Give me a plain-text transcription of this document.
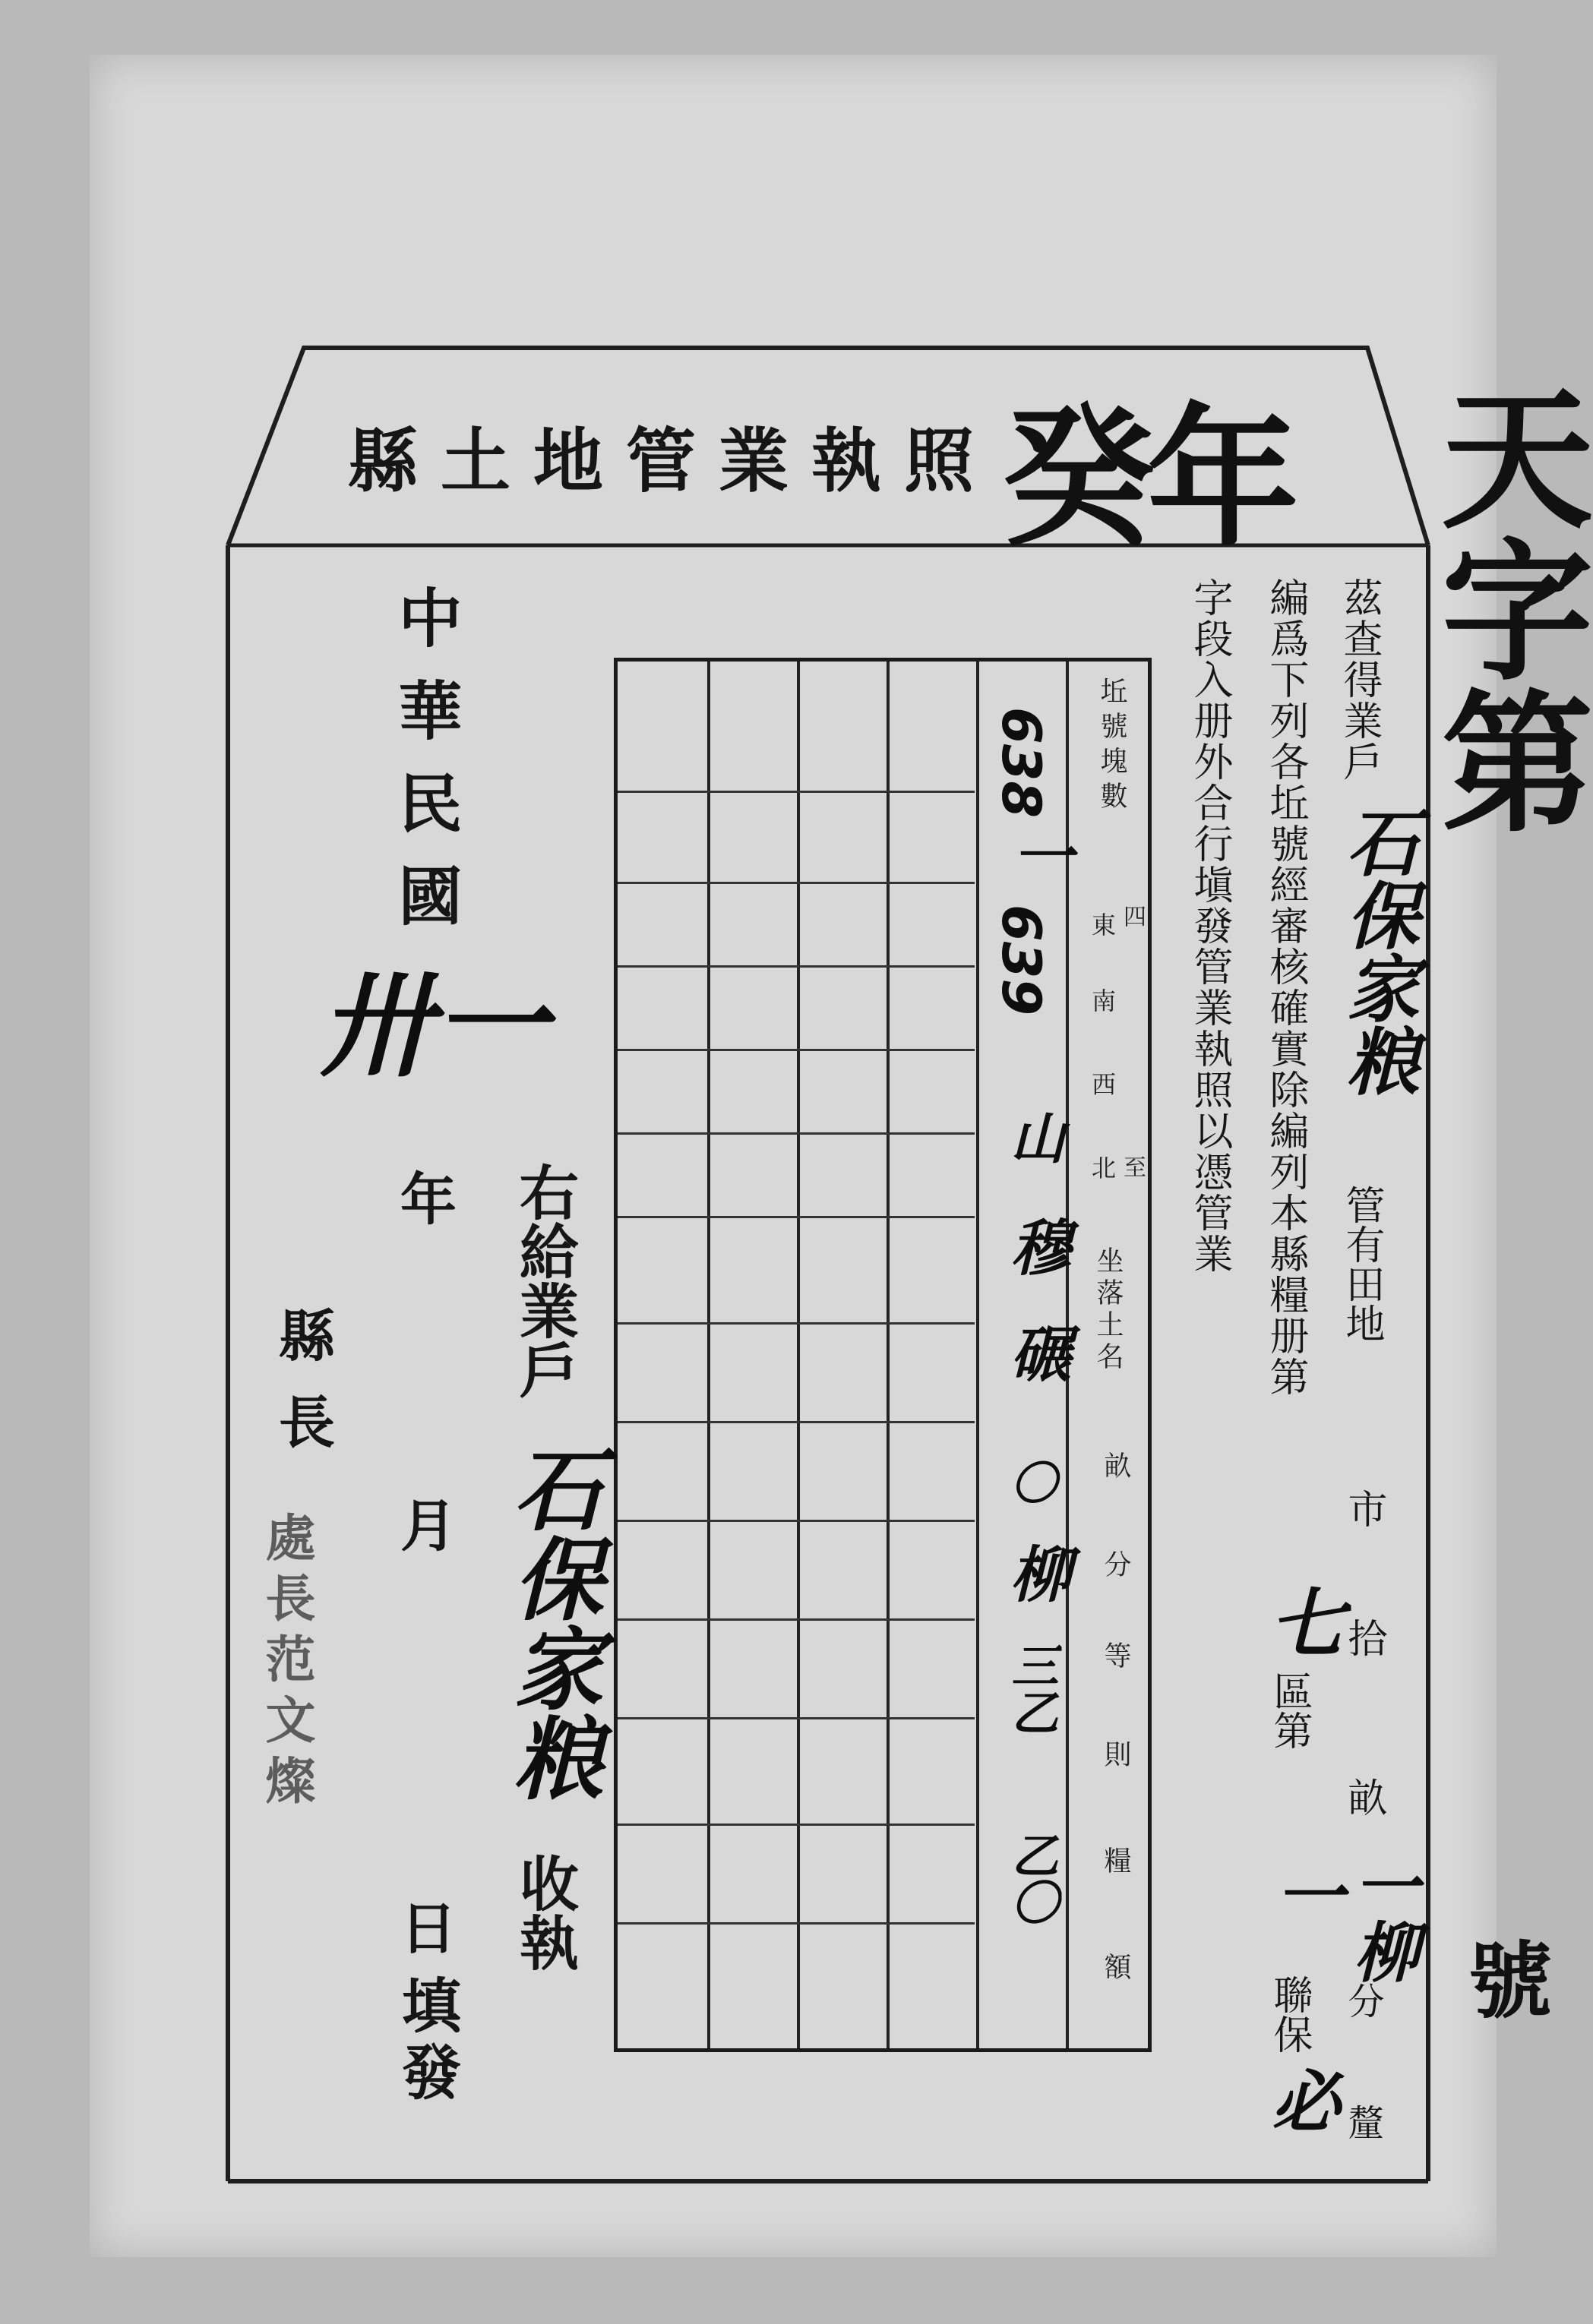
縣土地管業執照 癸年 天字第
號
茲查得業戶
石保家粮
管有田地
市
拾
畝
一柳
分
釐
編爲下列各坵號經審核確實除編列本縣糧册第
七
區第
一
聯保
必
字段入册外合行塡發管業執照以憑管業
坵號塊數
四至
東
南
西
北
坐落土名
畝
分
等
則
糧
額
638
一
639
山
穆
碾
〇
柳
三乙
乙〇
右給業戶
石保家粮
收執
中華民國
卅一
年
月
日
填發
縣長
處長范文燦
